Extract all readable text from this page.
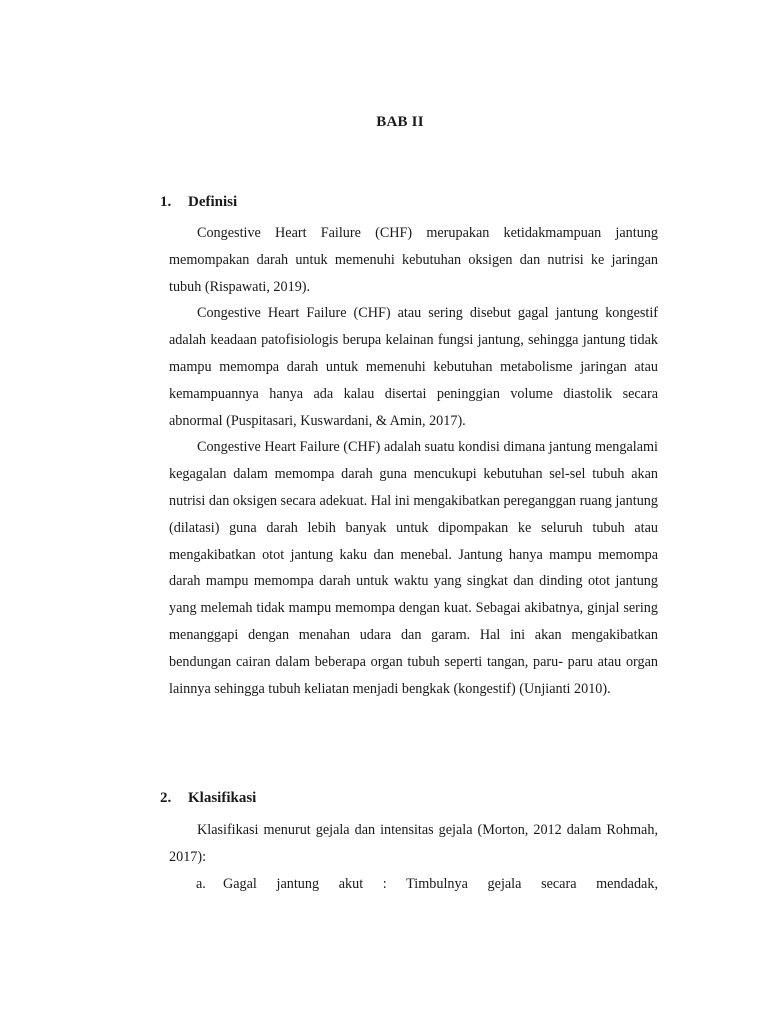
BAB II
1.	Definisi

Congestive Heart Failure (CHF) merupakan ketidakmampuan jantung memompakan darah untuk memenuhi kebutuhan oksigen dan nutrisi ke jaringan tubuh (Rispawati, 2019).

Congestive Heart Failure (CHF) atau sering disebut gagal jantung kongestif adalah keadaan patofisiologis berupa kelainan fungsi jantung, sehingga jantung tidak mampu memompa darah untuk memenuhi kebutuhan metabolisme jaringan atau kemampuannya hanya ada kalau disertai peninggian volume diastolik secara abnormal (Puspitasari, Kuswardani, & Amin, 2017).

Congestive Heart Failure (CHF) adalah suatu kondisi dimana jantung mengalami kegagalan dalam memompa darah guna mencukupi kebutuhan sel-sel tubuh akan nutrisi dan oksigen secara adekuat. Hal ini mengakibatkan pereganggan ruang jantung (dilatasi) guna darah lebih banyak untuk dipompakan ke seluruh tubuh atau mengakibatkan otot jantung kaku dan menebal. Jantung hanya mampu memompa darah mampu memompa darah untuk waktu yang singkat dan dinding otot jantung yang melemah tidak mampu memompa dengan kuat. Sebagai akibatnya, ginjal sering menanggapi dengan menahan udara dan garam. Hal ini akan mengakibatkan bendungan cairan dalam beberapa organ tubuh seperti tangan, paru- paru atau organ lainnya sehingga tubuh keliatan menjadi bengkak (kongestif) (Unjianti 2010).

2.	Klasifikasi

Klasifikasi menurut gejala dan intensitas gejala (Morton, 2012 dalam Rohmah, 2017):

a.	Gagal jantung akut : Timbulnya gejala secara mendadak,
